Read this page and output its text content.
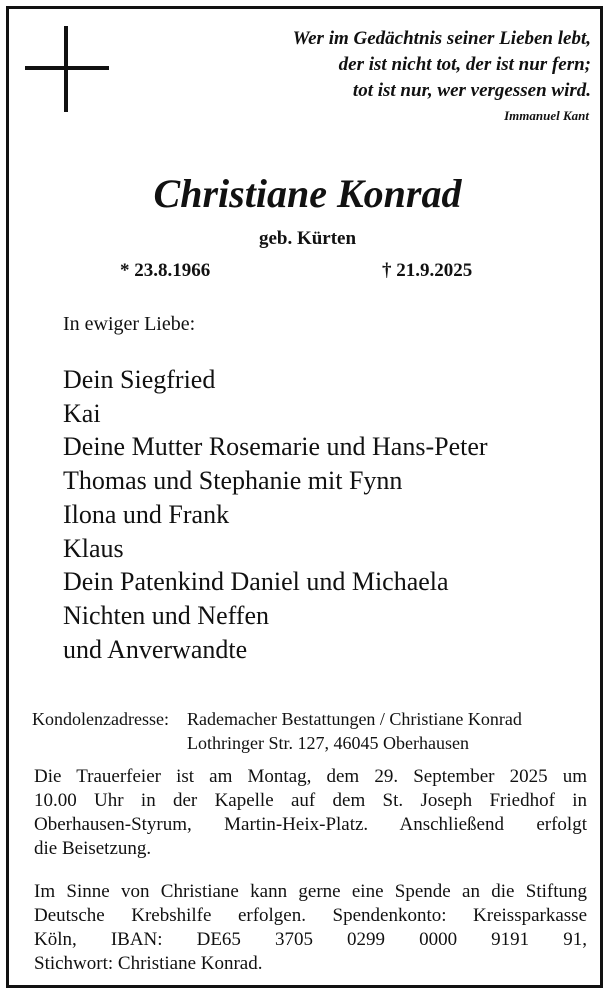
Wer im Gedächtnis seiner Lieben lebt,
der ist nicht tot, der ist nur fern;
tot ist nur, wer vergessen wird.
Immanuel Kant
Christiane Konrad
geb. Kürten
* 23.8.1966	† 21.9.2025
In ewiger Liebe:
Dein Siegfried
Kai
Deine Mutter Rosemarie und Hans-Peter
Thomas und Stephanie mit Fynn
Ilona und Frank
Klaus
Dein Patenkind Daniel und Michaela
Nichten und Neffen
und Anverwandte
Kondolenzadresse: Rademacher Bestattungen / Christiane Konrad
Lothringer Str. 127, 46045 Oberhausen
Die Trauerfeier ist am Montag, dem 29. September 2025 um
10.00 Uhr in der Kapelle auf dem St. Joseph Friedhof in
Oberhausen-Styrum, Martin-Heix-Platz. Anschließend erfolgt
die Beisetzung.
Im Sinne von Christiane kann gerne eine Spende an die Stiftung
Deutsche Krebshilfe erfolgen. Spendenkonto: Kreissparkasse
Köln, IBAN: DE65 3705 0299 0000 9191 91,
Stichwort: Christiane Konrad.
